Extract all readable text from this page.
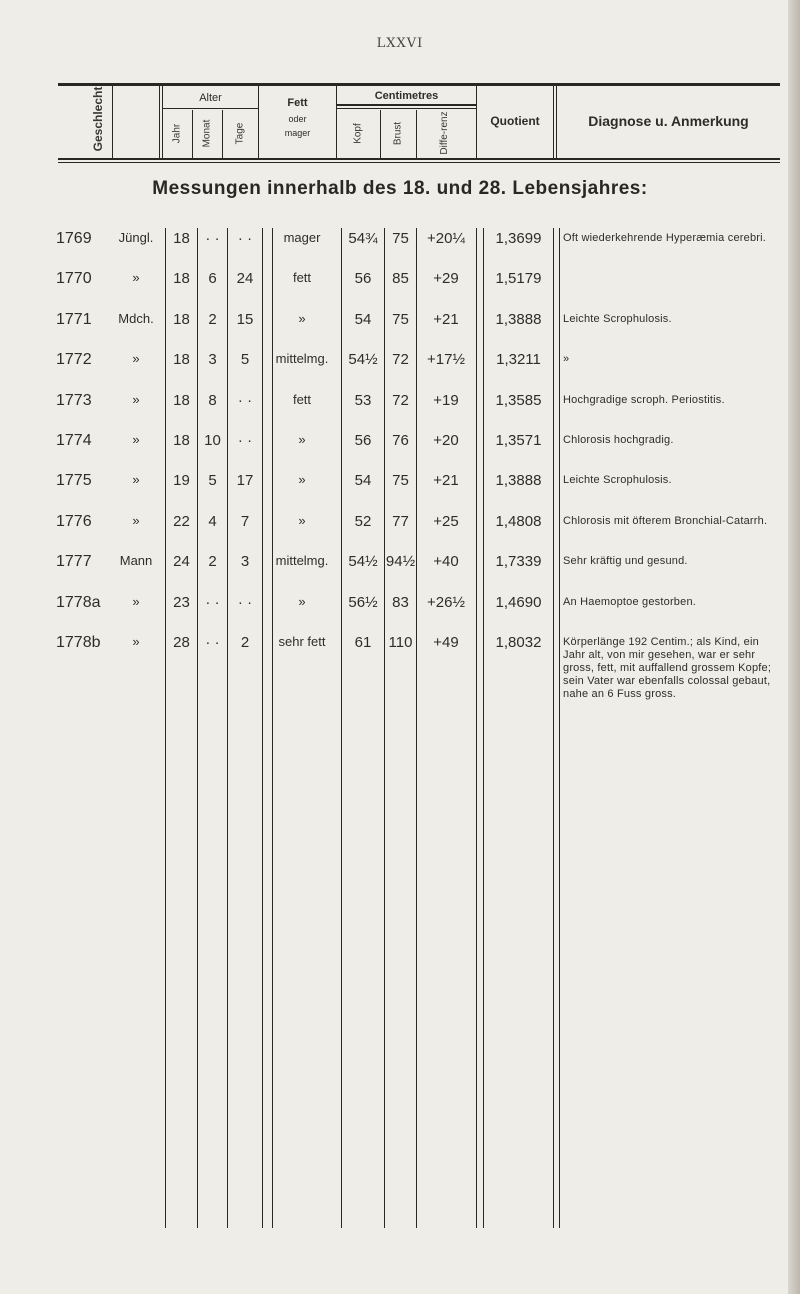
LXXVI
Geschlecht	Alter
Jahr Monat Tage
Fett
oder
mager
Centimetres
Kopf	Brust	Diffe-renz	Quotient	Diagnose u. Anmerkung
Messungen innerhalb des 18. und 28. Lebensjahres:
1769	Jüngl.	18	· ·	· ·	mager	54¾ 75	+20¼	1,3699	Oft wiederkehrende Hyperæmia cerebri.
1770	»	18	6	24	fett	56	85	+29	1,5179
1771	Mdch.	18	2	15	»	54	75	+21	1,3888	Leichte Scrophulosis.
1772	»	18	3	5	mittelmg.	54½ 72	+17½	1,3211	»
1773	»	18	8	· ·	fett	53	72	+19	1,3585	Hochgradige scroph. Periostitis.
1774	»	18 10	· ·	»	56	76	+20	1,3571	Chlorosis hochgradig.
1775	»	19	5	17	»	54	75	+21	1,3888	Leichte Scrophulosis.
1776	»	22	4	7	»	52	77	+25	1,4808	Chlorosis mit öfterem Bronchial-Catarrh.
1777	Mann	24	2	3	mittelmg.	54½ 94½	+40	1,7339	Sehr kräftig und gesund.
1778a	»	23	· ·	· ·	»	56½ 83	+26½	1,4690	An Haemoptoe gestorben.
1778b	»	28	· ·	2	sehr fett	61	110	+49	1,8032	Körperlänge 192 Centim.; als Kind, ein Jahr alt, von mir gesehen, war er sehr gross, fett, mit auffallend grossem Kopfe; sein Vater war ebenfalls colossal gebaut, nahe an 6 Fuss gross.
